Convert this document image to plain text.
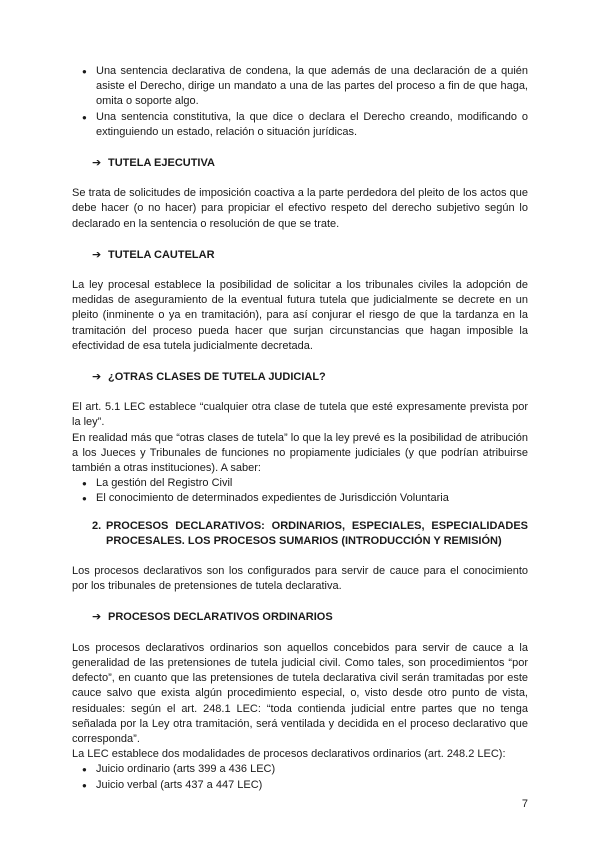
● Una sentencia declarativa de condena, la que además de una declaración de a quién asiste el Derecho, dirige un mandato a una de las partes del proceso a fin de que haga, omita o soporte algo.
● Una sentencia constitutiva, la que dice o declara el Derecho creando, modificando o extinguiendo un estado, relación o situación jurídicas.
➔ TUTELA EJECUTIVA

Se trata de solicitudes de imposición coactiva a la parte perdedora del pleito de los actos que debe hacer (o no hacer) para propiciar el efectivo respeto del derecho subjetivo según lo declarado en la sentencia o resolución de que se trate.

➔ TUTELA CAUTELAR

La ley procesal establece la posibilidad de solicitar a los tribunales civiles la adopción de medidas de aseguramiento de la eventual futura tutela que judicialmente se decrete en un pleito (inminente o ya en tramitación), para así conjurar el riesgo de que la tardanza en la tramitación del proceso pueda hacer que surjan circunstancias que hagan imposible la efectividad de esa tutela judicialmente decretada.

➔ ¿OTRAS CLASES DE TUTELA JUDICIAL?

El art. 5.1 LEC establece “cualquier otra clase de tutela que esté expresamente prevista por la ley”.

En realidad más que “otras clases de tutela” lo que la ley prevé es la posibilidad de atribución a los Jueces y Tribunales de funciones no propiamente judiciales (y que podrían atribuirse también a otras instituciones). A saber:

● La gestión del Registro Civil
● El conocimiento de determinados expedientes de Jurisdicción Voluntaria
2. PROCESOS DECLARATIVOS: ORDINARIOS, ESPECIALES, ESPECIALIDADES PROCESALES. LOS PROCESOS SUMARIOS (INTRODUCCIÓN Y REMISIÓN)

Los procesos declarativos son los configurados para servir de cauce para el conocimiento por los tribunales de pretensiones de tutela declarativa.

➔ PROCESOS DECLARATIVOS ORDINARIOS

Los procesos declarativos ordinarios son aquellos concebidos para servir de cauce a la generalidad de las pretensiones de tutela judicial civil. Como tales, son procedimientos “por defecto”, en cuanto que las pretensiones de tutela declarativa civil serán tramitadas por este cauce salvo que exista algún procedimiento especial, o, visto desde otro punto de vista, residuales: según el art. 248.1 LEC: “toda contienda judicial entre partes que no tenga señalada por la Ley otra tramitación, será ventilada y decidida en el proceso declarativo que corresponda”.

La LEC establece dos modalidades de procesos declarativos ordinarios (art. 248.2 LEC):

● Juicio ordinario (arts 399 a 436 LEC)
● Juicio verbal (arts 437 a 447 LEC)
7
